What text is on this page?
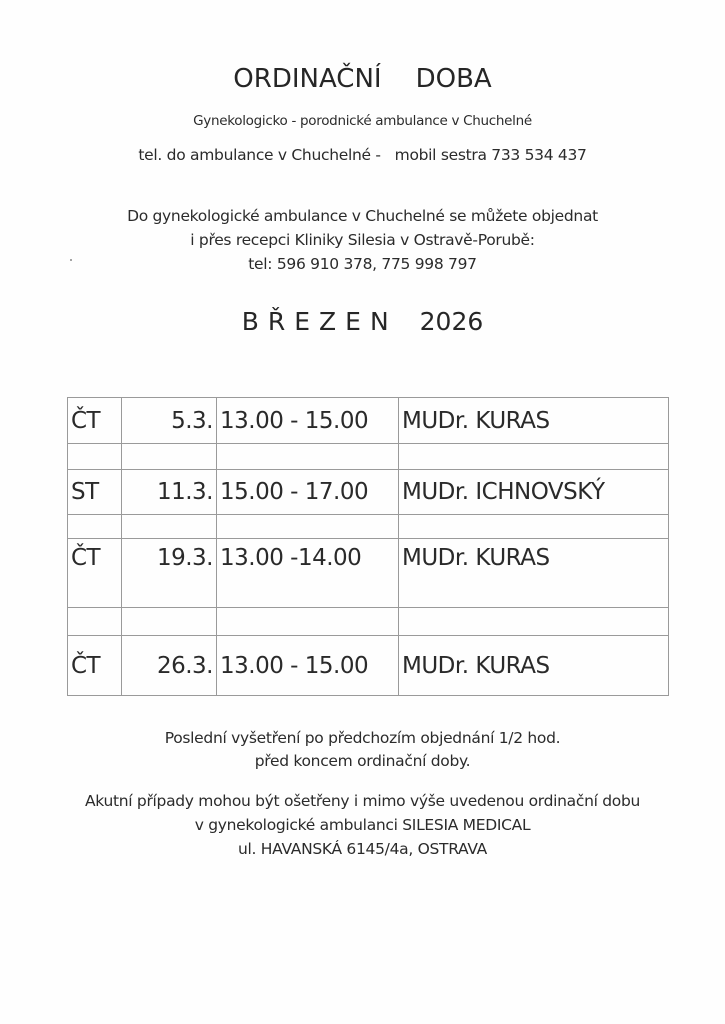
ORDINAČNÍ DOBA
Gynekologicko - porodnické ambulance v Chuchelné
tel. do ambulance v Chuchelné - mobil sestra 733 534 437
Do gynekologické ambulance v Chuchelné se můžete objednat
i přes recepci Kliniky Silesia v Ostravě-Porubě:
tel: 596 910 378, 775 998 797
BŘEZEN 2026
ČT	5.3.	13.00 - 15.00	MUDr. KURAS

ST	11.3.	15.00 - 17.00	MUDr. ICHNOVSKÝ

ČT	19.3.	13.00 -14.00	MUDr. KURAS

ČT	26.3.	13.00 - 15.00	MUDr. KURAS
Poslední vyšetření po předchozím objednání 1/2 hod.
před koncem ordinační doby.
Akutní případy mohou být ošetřeny i mimo výše uvedenou ordinační dobu
v gynekologické ambulanci SILESIA MEDICAL
ul. HAVANSKÁ 6145/4a, OSTRAVA
